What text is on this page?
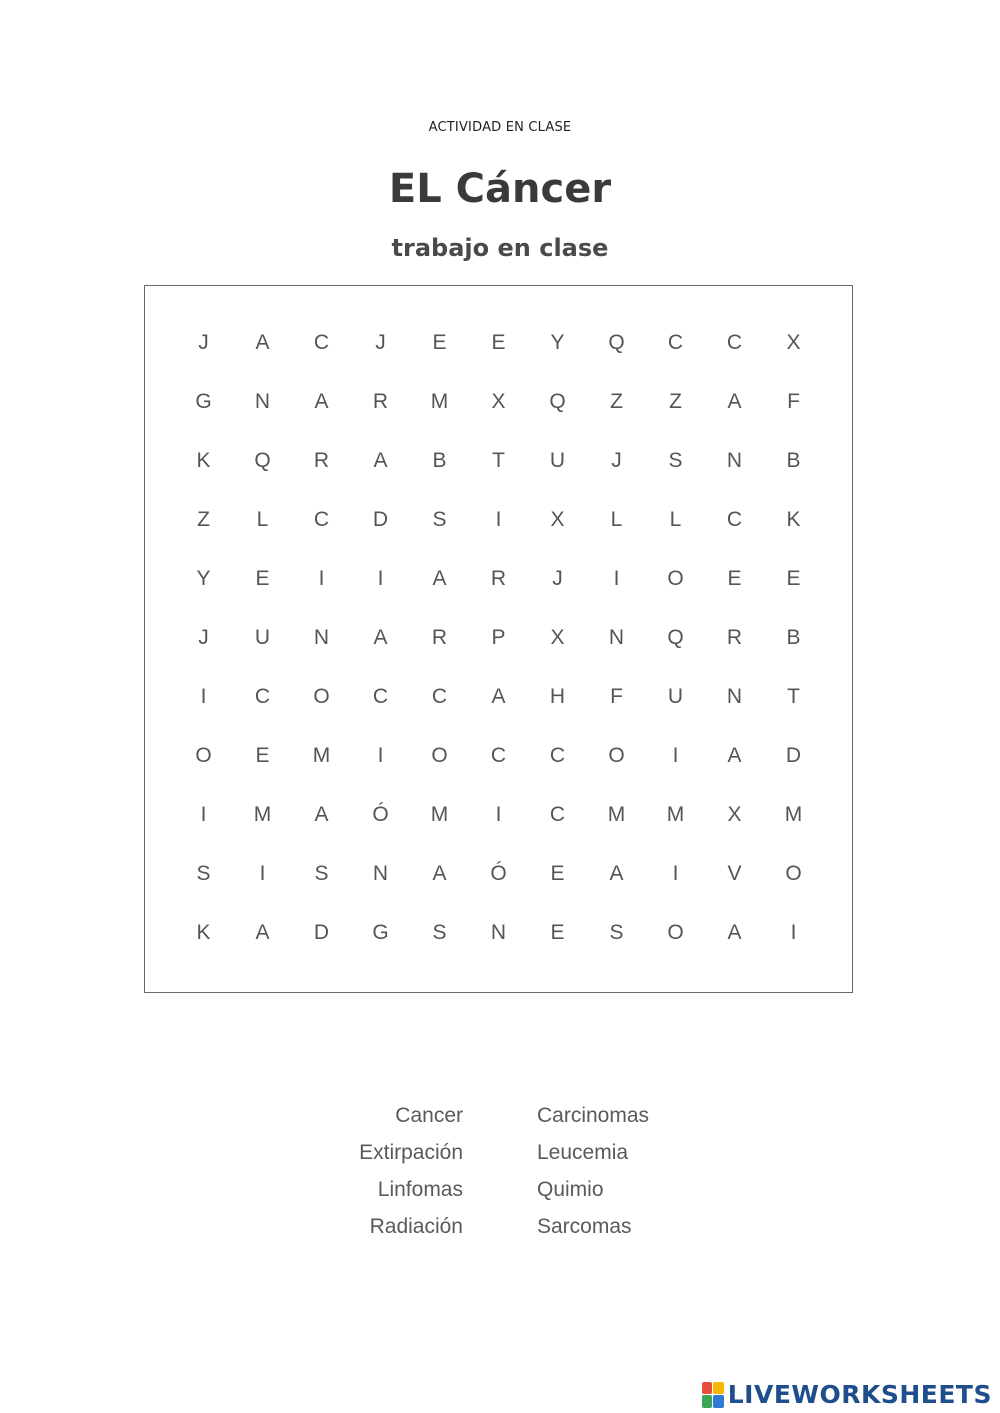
ACTIVIDAD EN CLASE
EL Cáncer
trabajo en clase
J	A	C	J	E	E	Y	Q	C	C	X
G	N	A	R	M	X	Q	Z	Z	A	F
K	Q	R	A	B	T	U	J	S	N	B
Z	L	C	D	S	I	X	L	L	C	K
Y	E	I	I	A	R	J	I	O	E	E
J	U	N	A	R	P	X	N	Q	R	B
I	C	O	C	C	A	H	F	U	N	T
O	E	M	I	O	C	C	O	I	A	D
I	M	A	Ó	M	I	C	M	M	X	M
S	I	S	N	A	Ó	E	A	I	V	O
K	A	D	G	S	N	E	S	O	A	I
Cancer
Extirpación
Linfomas
Radiación
Carcinomas
Leucemia
Quimio
Sarcomas
LIVEWORKSHEETS
